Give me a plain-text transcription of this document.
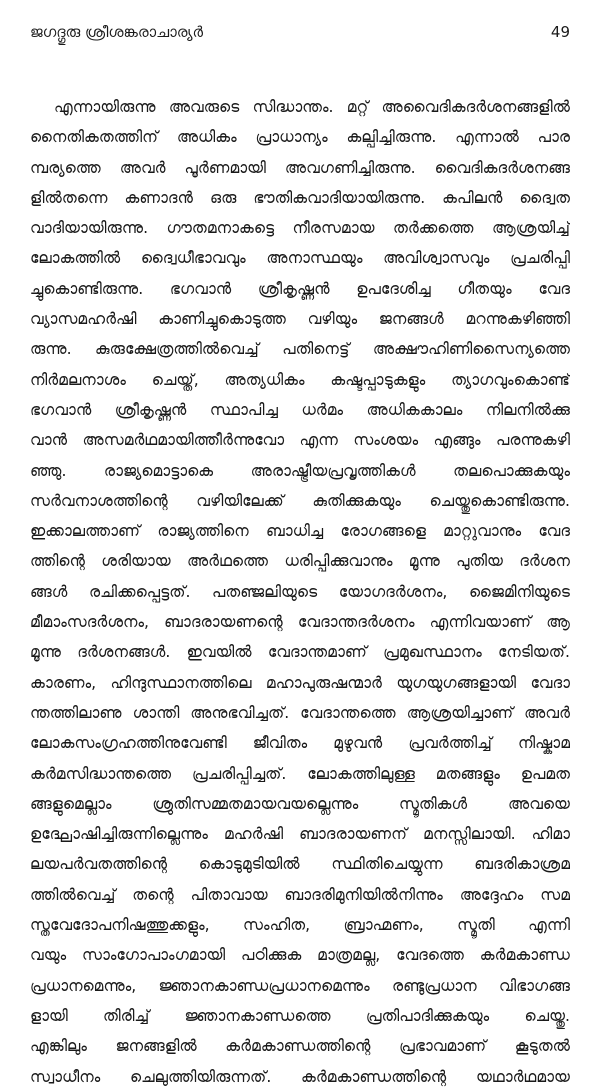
ജഗദ്ഗുരു ശ്രീശങ്കരാചാര്യർ	49
എന്നായിരുന്നു അവരുടെ സിദ്ധാന്തം. മറ്റ് അവൈദികദർശനങ്ങളിൽ
നൈതികതത്തിന് അധികം പ്രാധാന്യം കല്പിച്ചിരുന്നു. എന്നാൽ പാര
മ്പര്യത്തെ അവർ പൂർണമായി അവഗണിച്ചിരുന്നു. വൈദികദർശനങ്ങ
ളിൽതന്നെ കണാദൻ ഒരു ഭൗതികവാദിയായിരുന്നു. കപിലൻ ദ്വൈത
വാദിയായിരുന്നു. ഗൗതമനാകട്ടെ നീരസമായ തർക്കത്തെ ആശ്രയിച്ച്
ലോകത്തിൽ ദ്വൈധീഭാവവും അനാസ്ഥയും അവിശ്വാസവും പ്രചരിപ്പി
ച്ചുകൊണ്ടിരുന്നു. ഭഗവാൻ ശ്രീകൃഷ്ണൻ ഉപദേശിച്ച ഗീതയും വേദ
വ്യാസമഹർഷി കാണിച്ചുകൊടുത്ത വഴിയും ജനങ്ങൾ മറന്നുകഴിഞ്ഞി
രുന്നു. കുരുക്ഷേത്രത്തിൽവെച്ച് പതിനെട്ട് അക്ഷൗഹിണിസൈന്യത്തെ
നിർമലനാശം ചെയ്ത്, അത്യധികം കഷ്ടപ്പാടുകളും ത്യാഗവുംകൊണ്ട്
ഭഗവാൻ ശ്രീകൃഷ്ണൻ സ്ഥാപിച്ച ധർമം അധികകാലം നിലനിൽക്കു
വാൻ അസമർഥമായിത്തീർന്നുവോ എന്ന സംശയം എങ്ങും പരന്നുകഴി
ഞ്ഞു. രാജ്യമൊട്ടാകെ അരാഷ്ട്രീയപ്രവൃത്തികൾ തലപൊക്കുകയും
സർവനാശത്തിന്റെ വഴിയിലേക്ക് കുതിക്കുകയും ചെയ്തുകൊണ്ടിരുന്നു.
ഇക്കാലത്താണ് രാജ്യത്തിനെ ബാധിച്ച രോഗങ്ങളെ മാറ്റുവാനും വേദ
ത്തിന്റെ ശരിയായ അർഥത്തെ ധരിപ്പിക്കുവാനും മൂന്നു പുതിയ ദർശന
ങ്ങൾ രചിക്കപ്പെട്ടത്. പതഞ്ജലിയുടെ യോഗദർശനം, ജൈമിനിയുടെ
മീമാംസദർശനം, ബാദരായണന്റെ വേദാന്തദർശനം എന്നിവയാണ് ആ
മൂന്നു ദർശനങ്ങൾ. ഇവയിൽ വേദാന്തമാണ് പ്രമുഖസ്ഥാനം നേടിയത്.
കാരണം, ഹിന്ദുസ്ഥാനത്തിലെ മഹാപുരുഷന്മാർ യുഗയുഗങ്ങളായി വേദാ
ന്തത്തിലാണു ശാന്തി അനുഭവിച്ചത്. വേദാന്തത്തെ ആശ്രയിച്ചാണ് അവർ
ലോകസംഗ്രഹത്തിനുവേണ്ടി ജീവിതം മുഴുവൻ പ്രവർത്തിച്ച് നിഷ്കാമ
കർമസിദ്ധാന്തത്തെ പ്രചരിപ്പിച്ചത്. ലോകത്തിലുള്ള മതങ്ങളും ഉപമത
ങ്ങളുമെല്ലാം ശ്രുതിസമ്മതമായവയല്ലെന്നും സ്മൃതികൾ അവയെ
ഉദ്ഘോഷിച്ചിരുന്നില്ലെന്നും മഹർഷി ബാദരായണന് മനസ്സിലായി. ഹിമാ
ലയപർവതത്തിന്റെ കൊടുമുടിയിൽ സ്ഥിതിചെയ്യുന്ന ബദരികാശ്രമ
ത്തിൽവെച്ച് തന്റെ പിതാവായ ബാദരിമുനിയിൽനിന്നും അദ്ദേഹം സമ
സ്തവേദോപനിഷത്തുക്കളും, സംഹിത, ബ്രാഹ്മണം, സ്മൃതി എന്നി
വയും സാംഗോപാംഗമായി പഠിക്കുക മാത്രമല്ല, വേദത്തെ കർമകാണ്ഡ
പ്രധാനമെന്നും, ജ്ഞാനകാണ്ഡപ്രധാനമെന്നും രണ്ടുപ്രധാന വിഭാഗങ്ങ
ളായി തിരിച്ച് ജ്ഞാനകാണ്ഡത്തെ പ്രതിപാദിക്കുകയും ചെയ്തു.
എങ്കിലും ജനങ്ങളിൽ കർമകാണ്ഡത്തിന്റെ പ്രഭാവമാണ് കൂടുതൽ
സ്വാധീനം ചെലുത്തിയിരുന്നത്. കർമകാണ്ഡത്തിന്റെ യഥാർഥമായ
